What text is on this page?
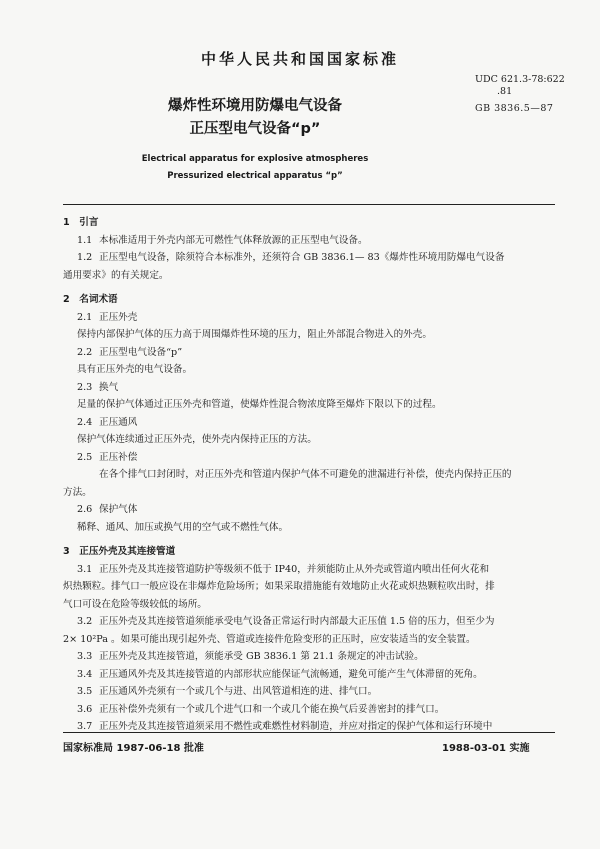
中华人民共和国国家标准
UDC 621.3-78:622
.81
GB 3836.5—87
爆炸性环境用防爆电气设备
正压型电气设备“p”
Electrical apparatus for explosive atmospheres
Pressurized electrical apparatus “p”

1　引言

1.1 本标准适用于外壳内部无可燃性气体释放源的正压型电气设备。

1.2 正压型电气设备，除须符合本标准外，还须符合 GB 3836.1— 83《爆炸性环境用防爆电气设备

通用要求》的有关规定。

2　名词术语

2.1 正压外壳

保持内部保护气体的压力高于周围爆炸性环境的压力，阻止外部混合物进入的外壳。

2.2 正压型电气设备“p”

具有正压外壳的电气设备。

2.3 换气

足量的保护气体通过正压外壳和管道，使爆炸性混合物浓度降至爆炸下限以下的过程。

2.4 正压通风

保护气体连续通过正压外壳，使外壳内保持正压的方法。

2.5 正压补偿

在各个排气口封闭时，对正压外壳和管道内保护气体不可避免的泄漏进行补偿，使壳内保持正压的

方法。

2.6 保护气体

稀释、通风、加压或换气用的空气或不燃性气体。

3　正压外壳及其连接管道

3.1 正压外壳及其连接管道防护等级须不低于 IP40，并须能防止从外壳或管道内喷出任何火花和

炽热颗粒。排气口一般应设在非爆炸危险场所；如果采取措施能有效地防止火花或炽热颗粒吹出时，排

气口可设在危险等级较低的场所。

3.2 正压外壳及其连接管道须能承受电气设备正常运行时内部最大正压值 1.5 倍的压力，但至少为

2× 10²Pa 。如果可能出现引起外壳、管道或连接件危险变形的正压时，应安装适当的安全装置。

3.3 正压外壳及其连接管道，须能承受 GB 3836.1 第 21.1 条规定的冲击试验。

3.4 正压通风外壳及其连接管道的内部形状应能保证气流畅通，避免可能产生气体滞留的死角。

3.5 正压通风外壳须有一个或几个与进、出风管道相连的进、排气口。

3.6 正压补偿外壳须有一个或几个进气口和一个或几个能在换气后妥善密封的排气口。

3.7 正压外壳及其连接管道须采用不燃性或难燃性材料制造，并应对指定的保护气体和运行环境中

国家标准局 1987-06-18 批准	1988-03-01 实施
